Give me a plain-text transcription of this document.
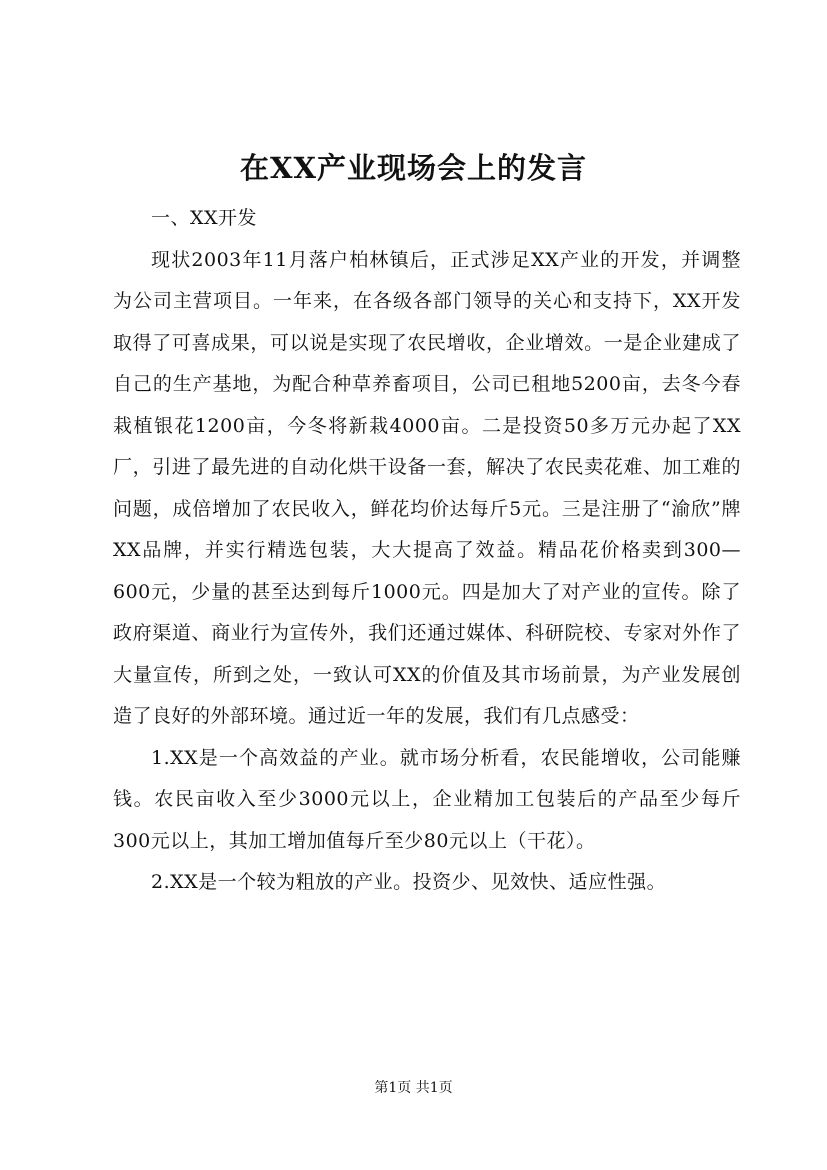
在XX产业现场会上的发言

一、XX开发

现状2003年11月落户柏林镇后，正式涉足XX产业的开发，并调整为公司主营项目。一年来，在各级各部门领导的关心和支持下，XX开发取得了可喜成果，可以说是实现了农民增收，企业增效。一是企业建成了自己的生产基地，为配合种草养畜项目，公司已租地5200亩，去冬今春栽植银花1200亩，今冬将新栽4000亩。二是投资50多万元办起了XX厂，引进了最先进的自动化烘干设备一套，解决了农民卖花难、加工难的问题，成倍增加了农民收入，鲜花均价达每斤5元。三是注册了“渝欣”牌XX品牌，并实行精选包装，大大提高了效益。精品花价格卖到300—600元，少量的甚至达到每斤1000元。四是加大了对产业的宣传。除了政府渠道、商业行为宣传外，我们还通过媒体、科研院校、专家对外作了大量宣传，所到之处，一致认可XX的价值及其市场前景，为产业发展创造了良好的外部环境。通过近一年的发展，我们有几点感受：

1.XX是一个高效益的产业。就市场分析看，农民能增收，公司能赚钱。农民亩收入至少3000元以上，企业精加工包装后的产品至少每斤300元以上，其加工增加值每斤至少80元以上（干花）。

2.XX是一个较为粗放的产业。投资少、见效快、适应性强。

第1页 共1页
